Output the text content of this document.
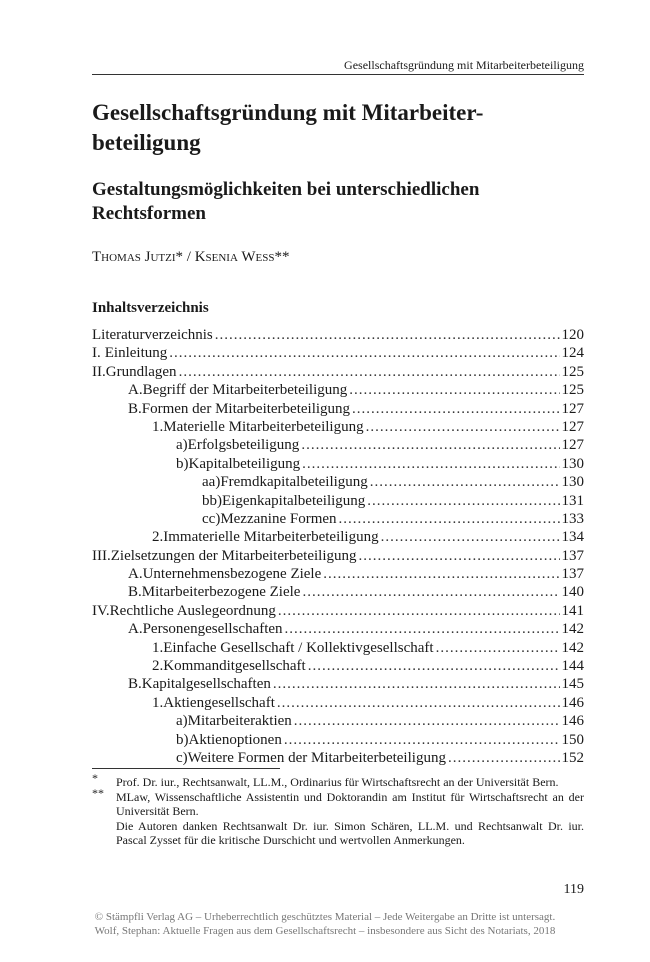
Gesellschaftsgründung mit Mitarbeiterbeteiligung
Gesellschaftsgründung mit Mitarbeiter-
beteiligung
Gestaltungsmöglichkeiten bei unterschiedlichen
Rechtsformen
Thomas Jutzi* / Ksenia Wess**
Inhaltsverzeichnis
Literaturverzeichnis .....	120
I. Einleitung .....	124
II. Grundlagen .....	125
A. Begriff der Mitarbeiterbeteiligung .....	125
B. Formen der Mitarbeiterbeteiligung .....	127
1. Materielle Mitarbeiterbeteiligung .....	127
a) Erfolgsbeteiligung .....	127
b) Kapitalbeteiligung .....	130
aa) Fremdkapitalbeteiligung .....	130
bb) Eigenkapitalbeteiligung .....	131
cc) Mezzanine Formen .....	133
2. Immaterielle Mitarbeiterbeteiligung .....	134
III. Zielsetzungen der Mitarbeiterbeteiligung .....	137
A. Unternehmensbezogene Ziele .....	137
B. Mitarbeiterbezogene Ziele .....	140
IV. Rechtliche Auslegeordnung .....	141
A. Personengesellschaften .....	142
1. Einfache Gesellschaft / Kollektivgesellschaft .....	142
2. Kommanditgesellschaft .....	144
B. Kapitalgesellschaften .....	145
1. Aktiengesellschaft .....	146
a) Mitarbeiteraktien .....	146
b) Aktienoptionen .....	150
c) Weitere Formen der Mitarbeiterbeteiligung .....	152
*	Prof. Dr. iur., Rechtsanwalt, LL.M., Ordinarius für Wirtschaftsrecht an der Universität Bern.
**	MLaw, Wissenschaftliche Assistentin und Doktorandin am Institut für Wirtschaftsrecht an der Universität Bern.
Die Autoren danken Rechtsanwalt Dr. iur. Simon Schären, LL.M. und Rechtsanwalt Dr. iur. Pascal Zysset für die kritische Durschicht und wertvollen Anmerkungen.
119
© Stämpfli Verlag AG – Urheberrechtlich geschütztes Material – Jede Weitergabe an Dritte ist untersagt.
Wolf, Stephan: Aktuelle Fragen aus dem Gesellschaftsrecht – insbesondere aus Sicht des Notariats, 2018
